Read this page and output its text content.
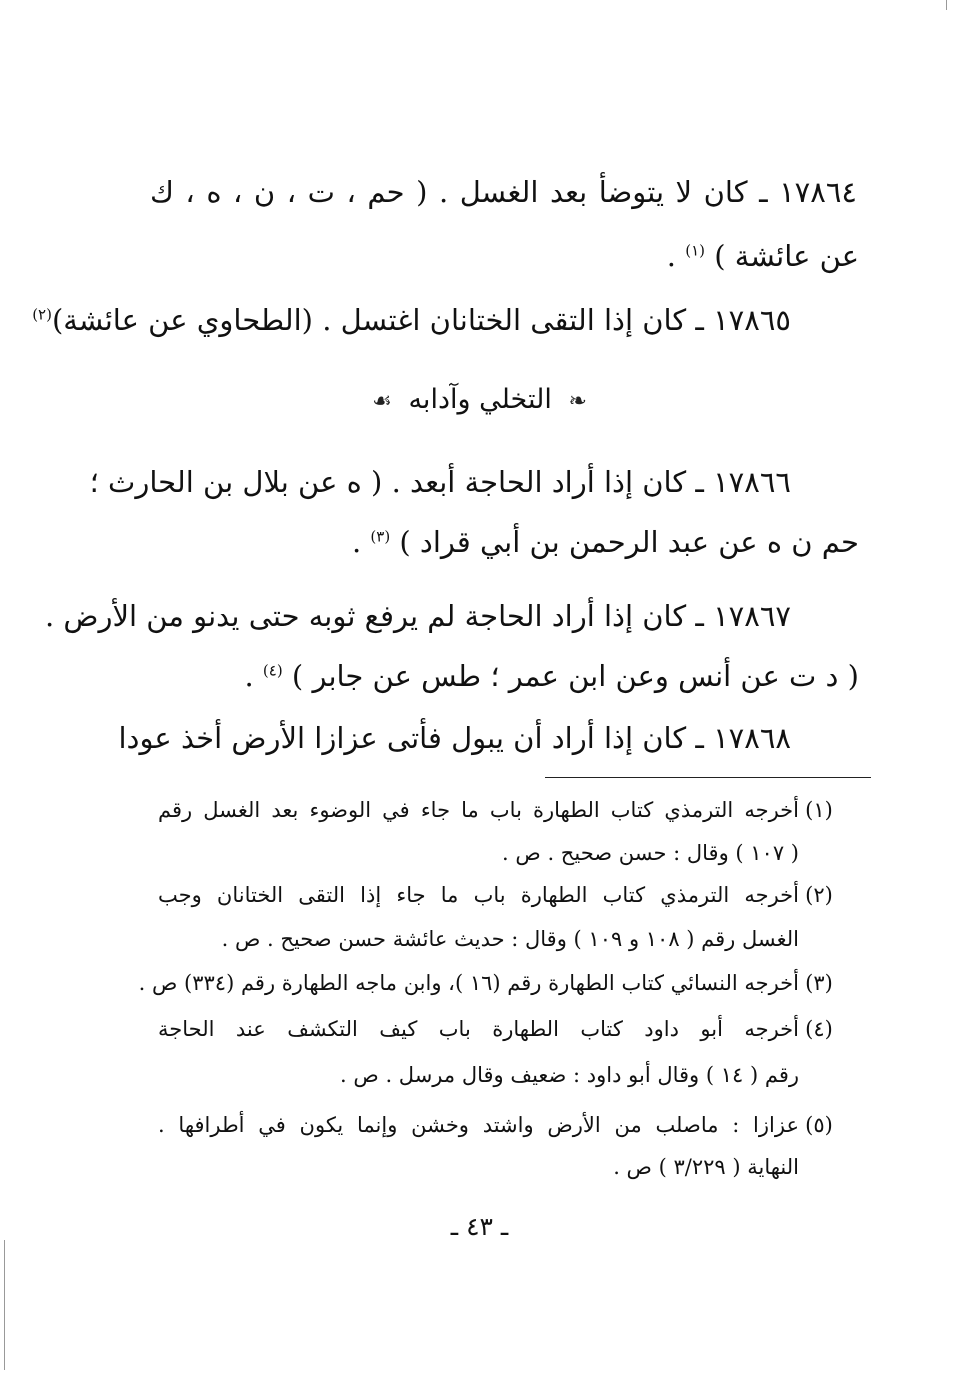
١٧٨٦٤ ـ كان لا يتوضأ بعد الغسل . ( حم ، ت ، ن ، ه ، ك
عن عائشة ) $^{(١)}$ .
١٧٨٦٥ ـ كان إذا التقى الختانان اغتسل . (الطحاوي عن عائشة)$^{(٢)}$
❧ التخلي وآدابه ☙
١٧٨٦٦ ـ كان إذا أراد الحاجة أبعد . ( ه عن بلال بن الحارث ؛
حم ن ه عن عبد الرحمن بن أبي قراد ) $^{(٣)}$ .
١٧٨٦٧ ـ كان إذا أراد الحاجة لم يرفع ثوبه حتى يدنو من الأرض .
( د ت عن أنس وعن ابن عمر ؛ طس عن جابر ) $^{(٤)}$ .
١٧٨٦٨ ـ كان إذا أراد أن يبول فأتى عزازا الأرض أخذ عودا
(١)
أخرجه الترمذي كتاب الطهارة باب ما جاء في الوضوء بعد الغسل رقم
( ١٠٧ ) وقال : حسن صحيح . ص .
(٢)
أخرجه الترمذي كتاب الطهارة باب ما جاء إذا التقى الختانان وجب
الغسل رقم ( ١٠٨ و ١٠٩ ) وقال : حديث عائشة حسن صحيح . ص .
(٣)
أخرجه النسائي كتاب الطهارة رقم (١٦ )، وابن ماجه الطهارة رقم (٣٣٤) ص .
(٤)
أخرجه أبو داود كتاب الطهارة باب كيف التكشف عند الحاجة
رقم ( ١٤ ) وقال أبو داود : ضعيف وقال مرسل . ص .
(٥)
عزازا : ماصلب من الأرض واشتد وخشن وإنما يكون في أطرافها .
النهاية ( ٣/٢٢٩ ) ص .
ـ ٤٣ ـ
